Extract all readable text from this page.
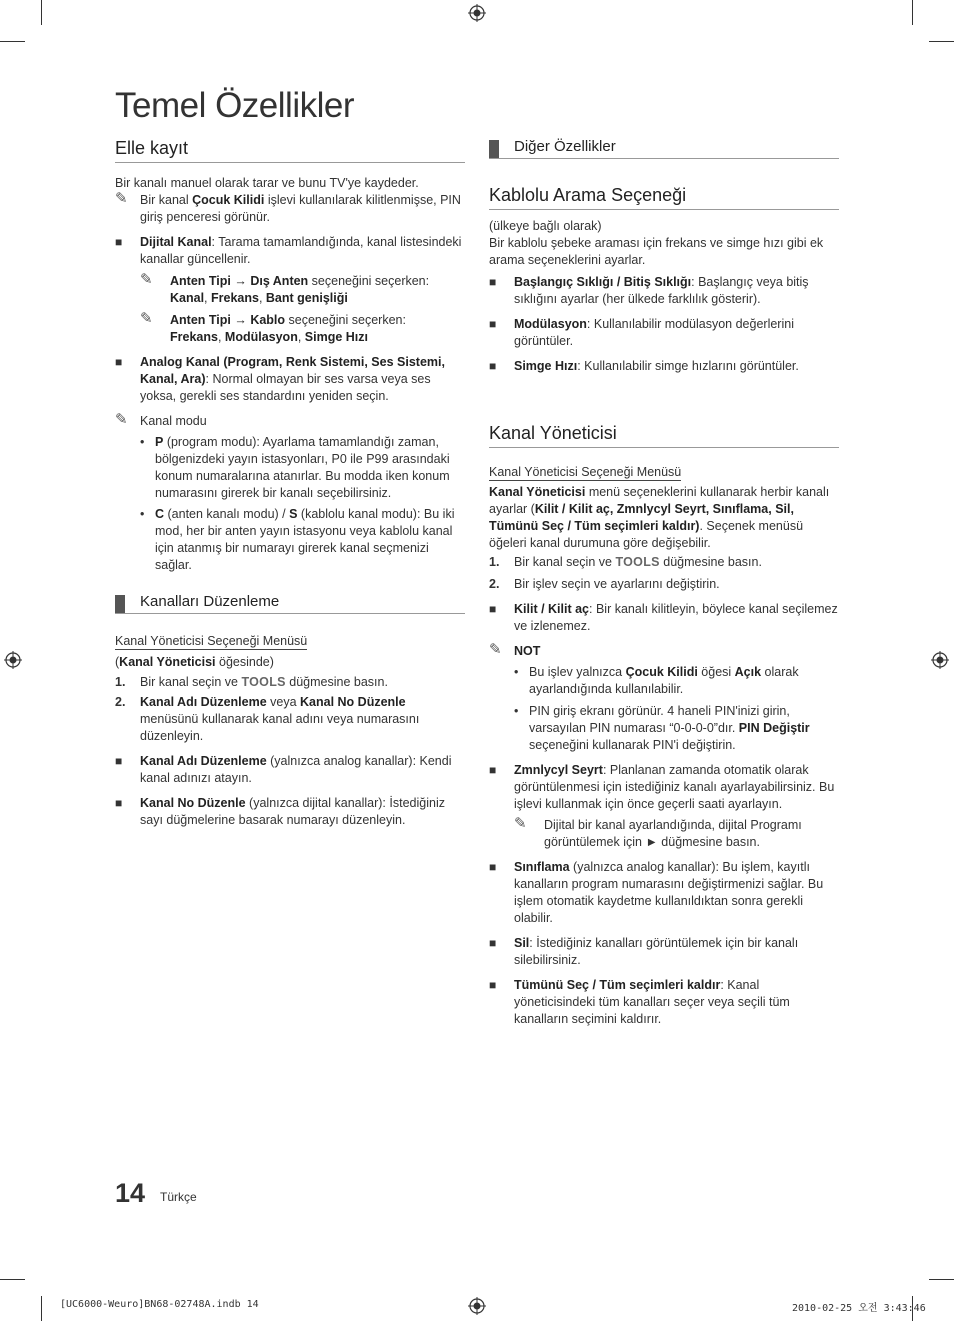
Temel Özellikler
Elle kayıt

Bir kanalı manuel olarak tarar ve bunu TV'ye kaydeder.

✎ Bir kanal Çocuk Kilidi işlevi kullanılarak kilitlenmişse, PIN giriş penceresi görünür.
■ Dijital Kanal: Tarama tamamlandığında, kanal listesindeki kanallar güncellenir.
✎ Anten Tipi → Dış Anten seçeneğini seçerken:
Kanal, Frekans, Bant genişliği
✎ Anten Tipi → Kablo seçeneğini seçerken:
Frekans, Modülasyon, Simge Hızı
■ Analog Kanal (Program, Renk Sistemi, Ses Sistemi, Kanal, Ara): Normal olmayan bir ses varsa veya ses yoksa, gerekli ses standardını yeniden seçin.
✎ Kanal modu
• P (program modu): Ayarlama tamamlandığı zaman, bölgenizdeki yayın istasyonları, P0 ile P99 arasındaki konum numaralarına atanırlar. Bu modda iken konum numarasını girerek bir kanalı seçebilirsiniz.
• C (anten kanalı modu) / S (kablolu kanal modu): Bu iki mod, her bir anten yayın istasyonu veya kablolu kanal için atanmış bir numarayı girerek kanal seçmenizi sağlar.
Kanalları Düzenleme
Kanal Yöneticisi Seçeneği Menüsü

(Kanal Yöneticisi öğesinde)

1. Bir kanal seçin ve TOOLS düğmesine basın.
2. Kanal Adı Düzenleme veya Kanal No Düzenle menüsünü kullanarak kanal adını veya numarasını düzenleyin.
■ Kanal Adı Düzenleme (yalnızca analog kanallar): Kendi kanal adınızı atayın.
■ Kanal No Düzenle (yalnızca dijital kanallar): İstediğiniz sayı düğmelerine basarak numarayı düzenleyin.
Diğer Özellikler
Kablolu Arama Seçeneği

(ülkeye bağlı olarak)

Bir kablolu şebeke araması için frekans ve simge hızı gibi ek arama seçeneklerini ayarlar.

■ Başlangıç Sıklığı / Bitiş Sıklığı: Başlangıç veya bitiş sıklığını ayarlar (her ülkede farklılık gösterir).
■ Modülasyon: Kullanılabilir modülasyon değerlerini görüntüler.
■ Simge Hızı: Kullanılabilir simge hızlarını görüntüler.
Kanal Yöneticisi
Kanal Yöneticisi Seçeneği Menüsü

Kanal Yöneticisi menü seçeneklerini kullanarak herbir kanalı ayarlar (Kilit / Kilit aç, Zmnlycyl Seyrt, Sınıflama, Sil, Tümünü Seç / Tüm seçimleri kaldır). Seçenek menüsü öğeleri kanal durumuna göre değişebilir.

1. Bir kanal seçin ve TOOLS düğmesine basın.
2. Bir işlev seçin ve ayarlarını değiştirin.
■ Kilit / Kilit aç: Bir kanalı kilitleyin, böylece kanal seçilemez ve izlenemez.
✎ NOT
• Bu işlev yalnızca Çocuk Kilidi öğesi Açık olarak ayarlandığında kullanılabilir.
• PIN giriş ekranı görünür. 4 haneli PIN'inizi girin, varsayılan PIN numarası “0-0-0-0”dır. PIN Değiştir seçeneğini kullanarak PIN'i değiştirin.
■ Zmnlycyl Seyrt: Planlanan zamanda otomatik olarak görüntülenmesi için istediğiniz kanalı ayarlayabilirsiniz. Bu işlevi kullanmak için önce geçerli saati ayarlayın.
✎ Dijital bir kanal ayarlandığında, dijital Programı görüntülemek için ► düğmesine basın.
■ Sınıflama (yalnızca analog kanallar): Bu işlem, kayıtlı kanalların program numarasını değiştirmenizi sağlar. Bu işlem otomatik kaydetme kullanıldıktan sonra gerekli olabilir.
■ Sil: İstediğiniz kanalları görüntülemek için bir kanalı silebilirsiniz.
■ Tümünü Seç / Tüm seçimleri kaldır: Kanal yöneticisindeki tüm kanalları seçer veya seçili tüm kanalların seçimini kaldırır.
14 Türkçe
[UC6000-Weuro]BN68-02748A.indb 14	2010-02-25 오전 3:43:46
